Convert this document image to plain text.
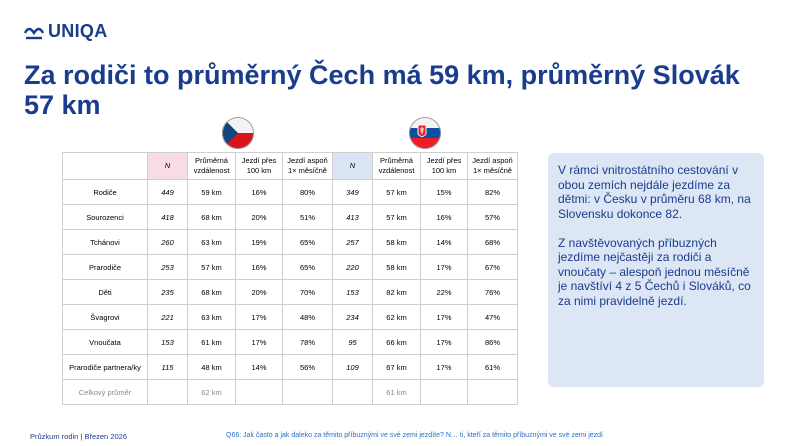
UNIQA
Za rodiči to průměrný Čech má 59 km, průměrný Slovák 57 km
	N	Průměrná vzdálenost	Jezdí přes 100 km	Jezdí aspoň 1× měsíčně	N	Průměrná vzdálenost	Jezdí přes 100 km	Jezdí aspoň 1× měsíčně
Rodiče	449	59 km	16%	80%	349	57 km	15%	82%
Sourozenci	418	68 km	20%	51%	413	57 km	16%	57%
Tchánovi	260	63 km	19%	65%	257	58 km	14%	68%
Prarodiče	253	57 km	16%	65%	220	58 km	17%	67%
Děti	235	68 km	20%	70%	153	82 km	22%	76%
Švagrovi	221	63 km	17%	48%	234	62 km	17%	47%
Vnoučata	153	61 km	17%	78%	95	66 km	17%	86%
Prarodiče partnera/ky	115	48 km	14%	56%	109	67 km	17%	61%
Celkový průměr		62 km				61 km		

V rámci vnitrostátního cestování v obou zemích nejdále jezdíme za dětmi: v Česku v průměru 68 km, na Slovensku dokonce 82.

Z navštěvovaných příbuzných jezdíme nejčastěji za rodiči a vnoučaty – alespoň jednou měsíčně je navštíví 4 z 5 Čechů i Slováků, co za nimi pravidelně jezdí.

Průzkum rodin | Březen 2026	Q66: Jak často a jak daleko za těmito příbuznými ve své zemi jezdíte? N… ti, kteří za těmito příbuznými ve své zemi jezdí
